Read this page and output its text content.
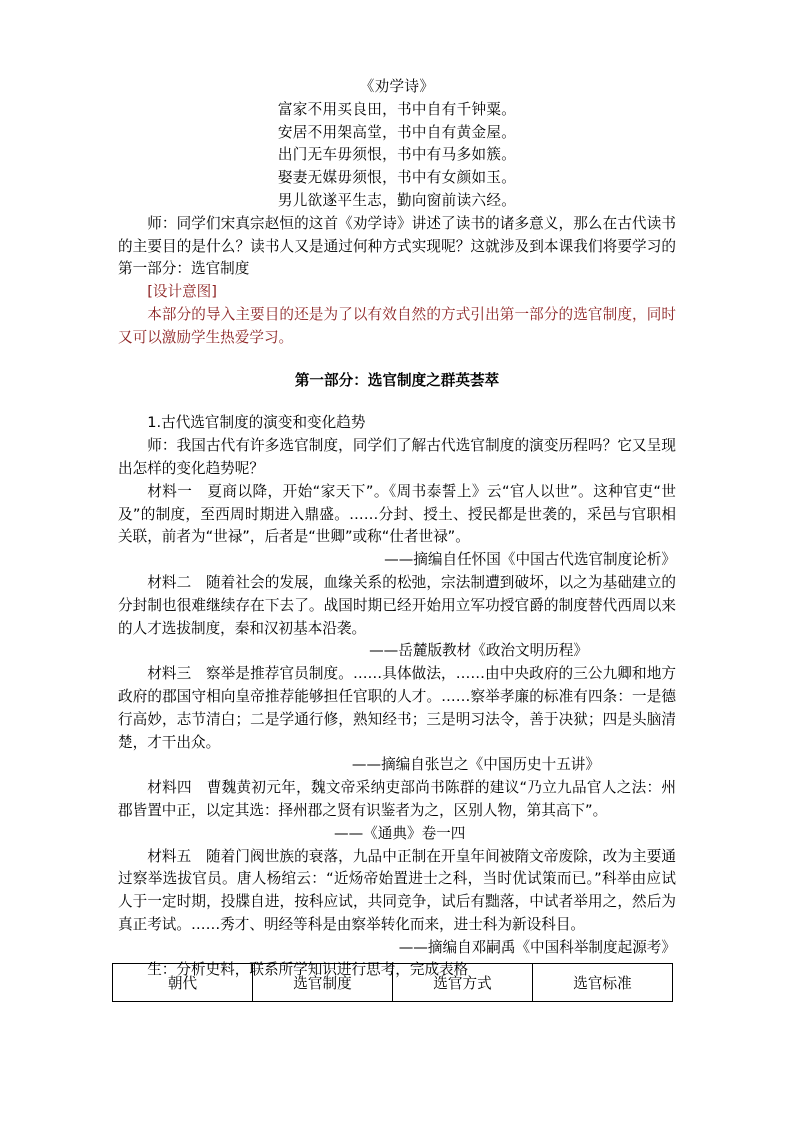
《劝学诗》
富家不用买良田，书中自有千钟粟。
安居不用架高堂，书中自有黄金屋。
出门无车毋须恨，书中有马多如簇。
娶妻无媒毋须恨，书中有女颜如玉。
男儿欲遂平生志，勤向窗前读六经。

师：同学们宋真宗赵恒的这首《劝学诗》讲述了读书的诸多意义，那么在古代读书的主要目的是什么？读书人又是通过何种方式实现呢？这就涉及到本课我们将要学习的第一部分：选官制度

[设计意图]

本部分的导入主要目的还是为了以有效自然的方式引出第一部分的选官制度，同时又可以激励学生热爱学习。

第一部分：选官制度之群英荟萃

1.古代选官制度的演变和变化趋势

师：我国古代有许多选官制度，同学们了解古代选官制度的演变历程吗？它又呈现出怎样的变化趋势呢？

材料一　夏商以降，开始“家天下”。《周书泰誓上》云“官人以世”。这种官吏“世及”的制度，至西周时期进入鼎盛。……分封、授土、授民都是世袭的，采邑与官职相关联，前者为“世禄”，后者是“世卿”或称“仕者世禄”。

——摘编自任怀国《中国古代选官制度论析》

材料二　随着社会的发展，血缘关系的松弛，宗法制遭到破坏，以之为基础建立的分封制也很难继续存在下去了。战国时期已经开始用立军功授官爵的制度替代西周以来的人才选拔制度，秦和汉初基本沿袭。

——岳麓版教材《政治文明历程》

材料三　察举是推荐官员制度。……具体做法，……由中央政府的三公九卿和地方政府的郡国守相向皇帝推荐能够担任官职的人才。……察举孝廉的标准有四条：一是德行高妙，志节清白；二是学通行修，熟知经书；三是明习法令，善于决狱；四是头脑清楚，才干出众。

——摘编自张岂之《中国历史十五讲》

材料四　曹魏黄初元年，魏文帝采纳吏部尚书陈群的建议“乃立九品官人之法：州郡皆置中正，以定其选：择州郡之贤有识鉴者为之，区别人物，第其高下”。

——《通典》卷一四

材料五　随着门阀世族的衰落，九品中正制在开皇年间被隋文帝废除，改为主要通过察举选拔官员。唐人杨绾云：“近炀帝始置进士之科，当时优试策而已。”科举由应试人于一定时期，投牒自进，按科应试，共同竞争，试后有黜落，中试者举用之，然后为真正考试。……秀才、明经等科是由察举转化而来，进士科为新设科目。

——摘编自邓嗣禹《中国科举制度起源考》

生：分析史料，联系所学知识进行思考，完成表格

朝代	选官制度	选官方式	选官标准
